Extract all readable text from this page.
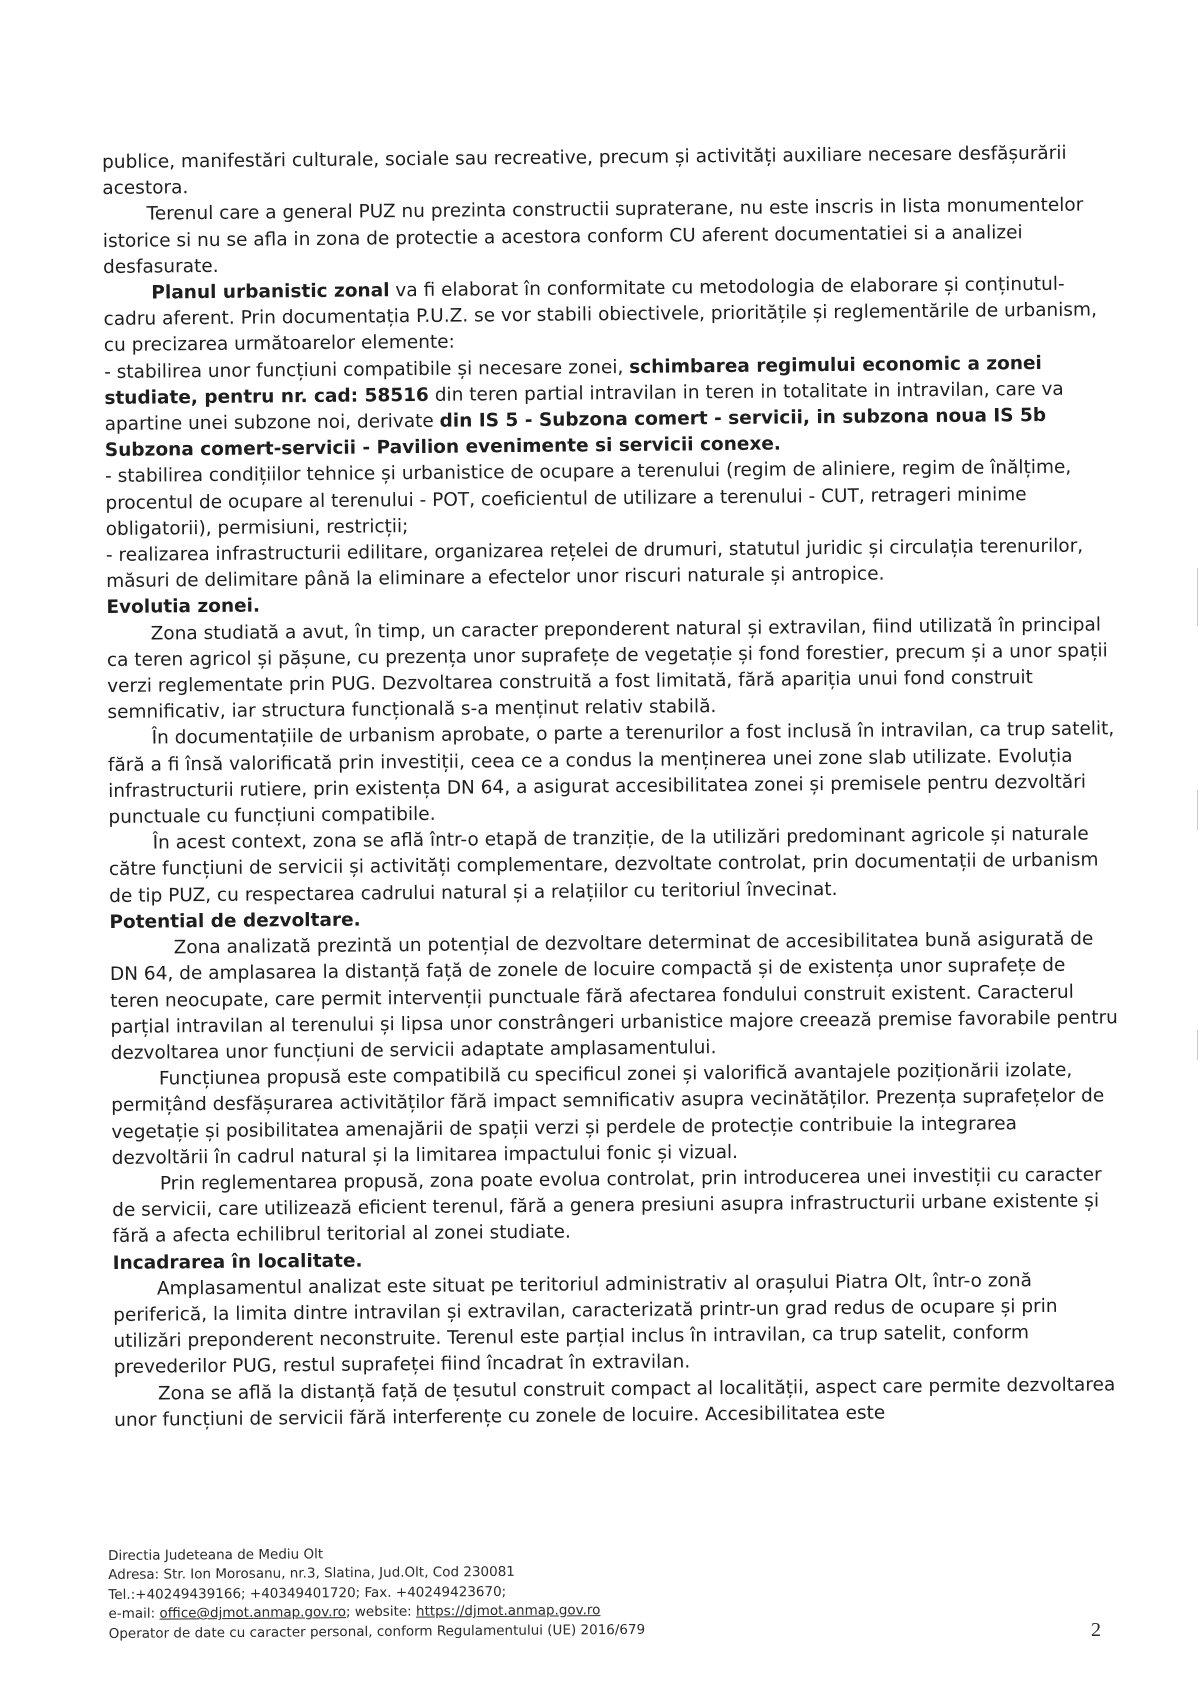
publice, manifestări culturale, sociale sau recreative, precum și activități auxiliare necesare desfășurării acestora.

Terenul care a general PUZ nu prezinta constructii supraterane, nu este inscris in lista monumentelor istorice si nu se afla in zona de protectie a acestora conform CU aferent documentatiei si a analizei desfasurate.

Planul urbanistic zonal va fi elaborat în conformitate cu metodologia de elaborare și conținutul-cadru aferent. Prin documentația P.U.Z. se vor stabili obiectivele, prioritățile și reglementările de urbanism, cu precizarea următoarelor elemente:

- stabilirea unor funcțiuni compatibile și necesare zonei, schimbarea regimului economic a zonei studiate, pentru nr. cad: 58516 din teren partial intravilan in teren in totalitate in intravilan, care va apartine unei subzone noi, derivate din IS 5 - Subzona comert - servicii, in subzona noua IS 5b Subzona comert-servicii - Pavilion evenimente si servicii conexe.

- stabilirea condițiilor tehnice și urbanistice de ocupare a terenului (regim de aliniere, regim de înălțime, procentul de ocupare al terenului - POT, coeficientul de utilizare a terenului - CUT, retrageri minime obligatorii), permisiuni, restricții;

- realizarea infrastructurii edilitare, organizarea rețelei de drumuri, statutul juridic și circulația terenurilor, măsuri de delimitare până la eliminare a efectelor unor riscuri naturale și antropice.

Evolutia zonei.

Zona studiată a avut, în timp, un caracter preponderent natural și extravilan, fiind utilizată în principal ca teren agricol și pășune, cu prezența unor suprafețe de vegetație și fond forestier, precum și a unor spații verzi reglementate prin PUG. Dezvoltarea construită a fost limitată, fără apariția unui fond construit semnificativ, iar structura funcțională s-a menținut relativ stabilă.

În documentațiile de urbanism aprobate, o parte a terenurilor a fost inclusă în intravilan, ca trup satelit, fără a fi însă valorificată prin investiții, ceea ce a condus la menținerea unei zone slab utilizate. Evoluția infrastructurii rutiere, prin existența DN 64, a asigurat accesibilitatea zonei și premisele pentru dezvoltări punctuale cu funcțiuni compatibile.

În acest context, zona se află într-o etapă de tranziție, de la utilizări predominant agricole și naturale către funcțiuni de servicii și activități complementare, dezvoltate controlat, prin documentații de urbanism de tip PUZ, cu respectarea cadrului natural și a relațiilor cu teritoriul învecinat.

Potential de dezvoltare.

Zona analizată prezintă un potențial de dezvoltare determinat de accesibilitatea bună asigurată de DN 64, de amplasarea la distanță față de zonele de locuire compactă și de existența unor suprafețe de teren neocupate, care permit intervenții punctuale fără afectarea fondului construit existent. Caracterul parțial intravilan al terenului și lipsa unor constrângeri urbanistice majore creează premise favorabile pentru dezvoltarea unor funcțiuni de servicii adaptate amplasamentului.

Funcțiunea propusă este compatibilă cu specificul zonei și valorifică avantajele poziționării izolate, permițând desfășurarea activităților fără impact semnificativ asupra vecinătăților. Prezența suprafețelor de vegetație și posibilitatea amenajării de spații verzi și perdele de protecție contribuie la integrarea dezvoltării în cadrul natural și la limitarea impactului fonic și vizual.

Prin reglementarea propusă, zona poate evolua controlat, prin introducerea unei investiții cu caracter de servicii, care utilizează eficient terenul, fără a genera presiuni asupra infrastructurii urbane existente și fără a afecta echilibrul teritorial al zonei studiate.

Incadrarea în localitate.

Amplasamentul analizat este situat pe teritoriul administrativ al orașului Piatra Olt, într-o zonă periferică, la limita dintre intravilan și extravilan, caracterizată printr-un grad redus de ocupare și prin utilizări preponderent neconstruite. Terenul este parțial inclus în intravilan, ca trup satelit, conform prevederilor PUG, restul suprafeței fiind încadrat în extravilan.

Zona se află la distanță față de țesutul construit compact al localității, aspect care permite dezvoltarea unor funcțiuni de servicii fără interferențe cu zonele de locuire. Accesibilitatea este

Directia Judeteana de Mediu Olt

Adresa: Str. Ion Morosanu, nr.3, Slatina, Jud.Olt, Cod 230081

Tel.:+40249439166; +40349401720; Fax. +40249423670;

e-mail: office@djmot.anmap.gov.ro; website: https://djmot.anmap.gov.ro

Operator de date cu caracter personal, conform Regulamentului (UE) 2016/679	2
